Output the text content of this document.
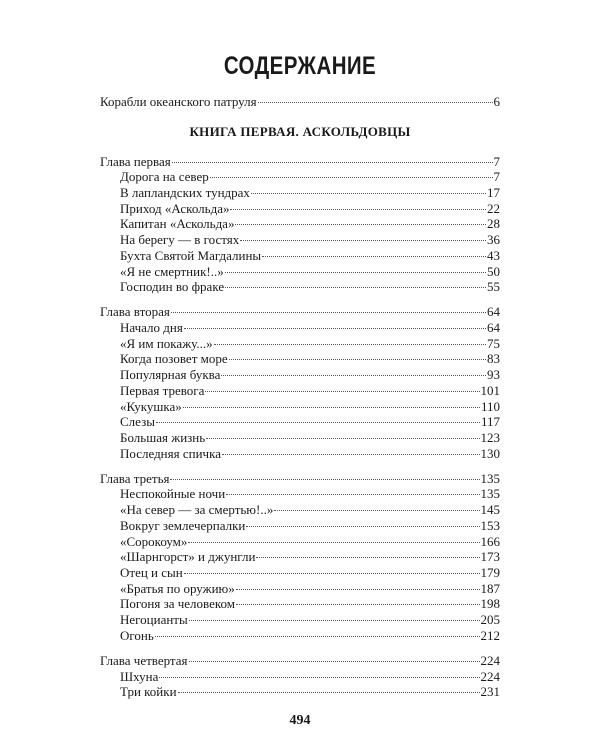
СОДЕРЖАНИЕ
Корабли океанского патруля	6
КНИГА ПЕРВАЯ. АСКОЛЬДОВЦЫ
Глава первая	7
Дорога на север	7
В лапландских тундрах	17
Приход «Аскольда»	22
Капитан «Аскольда»	28
На берегу — в гостях	36
Бухта Святой Магдалины	43
«Я не смертник!..»	50
Господин во фраке	55
Глава вторая	64
Начало дня	64
«Я им покажу...»	75
Когда позовет море	83
Популярная буква	93
Первая тревога	101
«Кукушка»	110
Слезы	117
Большая жизнь	123
Последняя спичка	130
Глава третья	135
Неспокойные ночи	135
«На север — за смертью!..»	145
Вокруг землечерпалки	153
«Сорокоум»	166
«Шарнгорст» и джунгли	173
Отец и сын	179
«Братья по оружию»	187
Погоня за человеком	198
Негоцианты	205
Огонь	212
Глава четвертая	224
Шхуна	224
Три койки	231
494
